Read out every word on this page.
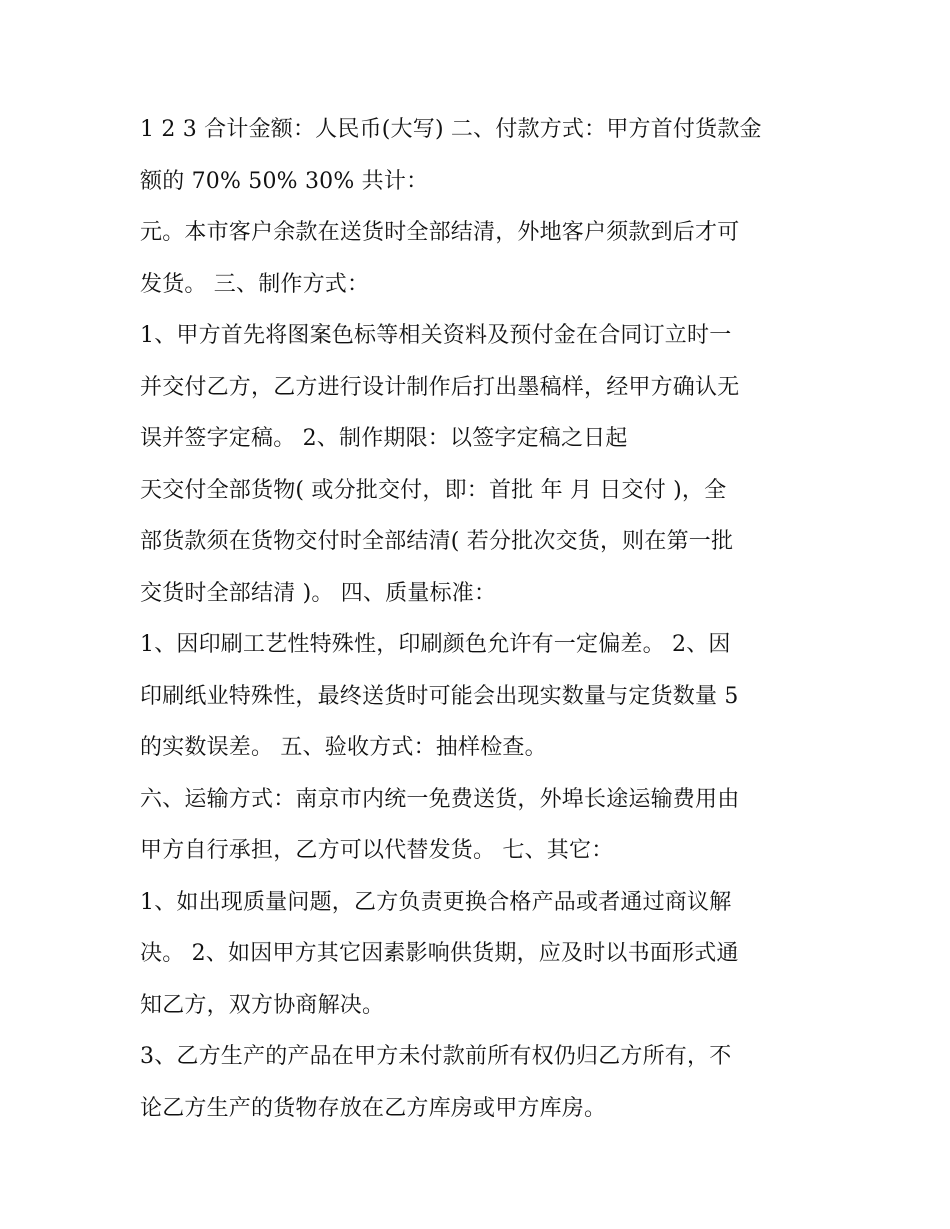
1 2 3 合计金额：人民币(大写) 二、付款方式：甲方首付货款金
额的 70% 50% 30% 共计：
元。本市客户余款在送货时全部结清，外地客户须款到后才可
发货。 三、制作方式：
1、甲方首先将图案色标等相关资料及预付金在合同订立时一
并交付乙方，乙方进行设计制作后打出墨稿样，经甲方确认无
误并签字定稿。 2、制作期限：以签字定稿之日起
天交付全部货物( 或分批交付，即：首批 年 月 日交付 )，全
部货款须在货物交付时全部结清( 若分批次交货，则在第一批
交货时全部结清 )。 四、质量标准：
1、因印刷工艺性特殊性，印刷颜色允许有一定偏差。 2、因
印刷纸业特殊性，最终送货时可能会出现实数量与定货数量 5
的实数误差。 五、验收方式：抽样检查。
六、运输方式：南京市内统一免费送货，外埠长途运输费用由
甲方自行承担，乙方可以代替发货。 七、其它：
1、如出现质量问题，乙方负责更换合格产品或者通过商议解
决。 2、如因甲方其它因素影响供货期，应及时以书面形式通
知乙方，双方协商解决。
3、乙方生产的产品在甲方未付款前所有权仍归乙方所有，不
论乙方生产的货物存放在乙方库房或甲方库房。
